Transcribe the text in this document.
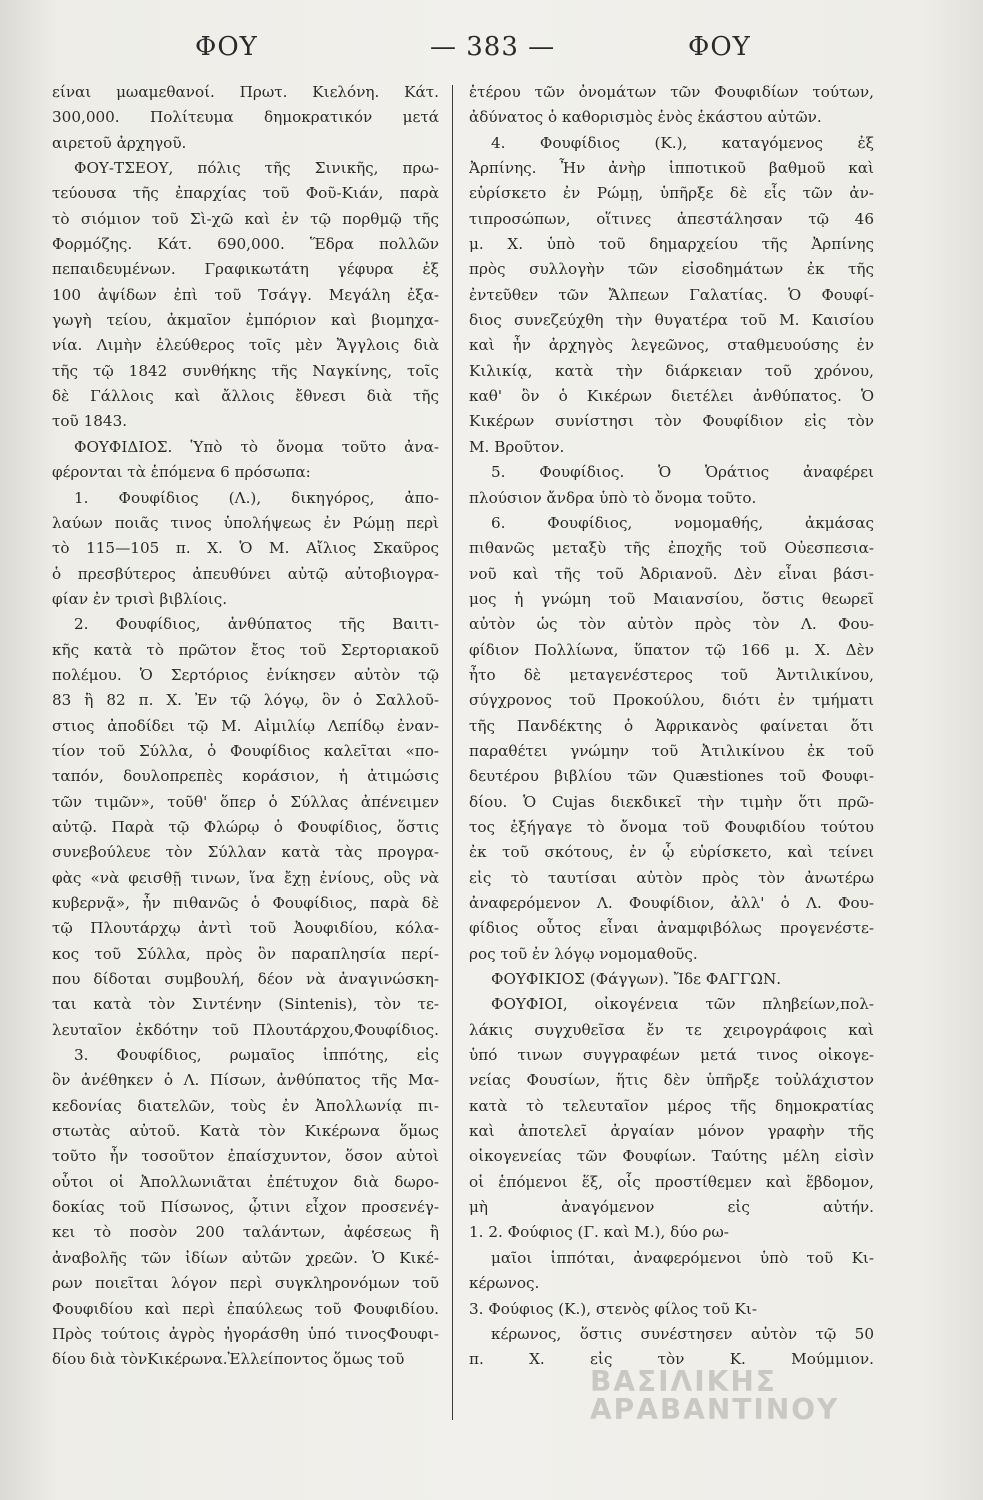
ΦΟΥ	— 383 —	ΦΟΥ
είναι μωαμεθανοί. Πρωτ. Κιελόνη. Κάτ.
300,000. Πολίτευμα δημοκρατικόν μετά
αιρετοῦ ἀρχηγοῦ.
ΦΟΥ-ΤΣΕΟΥ, πόλις τῆς Σινικῆς, πρω-
τεύουσα τῆς ἐπαρχίας τοῦ Φοῦ-Κιάν, παρὰ
τὸ σιόμιον τοῦ Σὶ-χῶ καὶ ἐν τῷ πορθμῷ τῆς
Φορμόζης. Κάτ. 690,000. Ἕδρα πολλῶν
πεπαιδευμένων. Γραφικωτάτη γέφυρα ἐξ
100 ἀψίδων ἐπὶ τοῦ Τσάγγ. Μεγάλη ἐξα-
γωγὴ τείου, ἀκμαῖον ἐμπόριον καὶ βιομηχα-
νία. Λιμὴν ἐλεύθερος τοῖς μὲν Ἄγγλοις διὰ
τῆς τῷ 1842 συνθήκης τῆς Ναγκίνης, τοῖς
δὲ Γάλλοις καὶ ἄλλοις ἔθνεσι διὰ τῆς
τοῦ 1843.
ΦΟΥΦΙΔΙΟΣ. Ὑπὸ τὸ ὄνομα τοῦτο ἀνα-
φέρονται τὰ ἑπόμενα 6 πρόσωπα:
1. Φουφίδιος (Λ.), δικηγόρος, ἀπο-
λαύων ποιᾶς τινος ὑπολήψεως ἐν Ρώμῃ περὶ
τὸ 115—105 π. Χ. Ὁ Μ. Αἴλιος Σκαῦρος
ὁ πρεσβύτερος ἀπευθύνει αὐτῷ αὐτοβιογρα-
φίαν ἐν τρισὶ βιβλίοις.
2. Φουφίδιος, ἀνθύπατος τῆς Βαιτι-
κῆς κατὰ τὸ πρῶτον ἔτος τοῦ Σερτοριακοῦ
πολέμου. Ὁ Σερτόριος ἐνίκησεν αὐτὸν τῷ
83 ἢ 82 π. Χ. Ἐν τῷ λόγῳ, ὃν ὁ Σαλλοῦ-
στιος ἀποδίδει τῷ Μ. Αἰμιλίῳ Λεπίδῳ ἐναν-
τίον τοῦ Σύλλα, ὁ Φουφίδιος καλεῖται «πο-
ταπόν, δουλοπρεπὲς κοράσιον, ἡ ἀτιμώσις
τῶν τιμῶν», τοῦθ' ὅπερ ὁ Σύλλας ἀπένειμεν
αὐτῷ. Παρὰ τῷ Φλώρῳ ὁ Φουφίδιος, ὅστις
συνεβούλευε τὸν Σύλλαν κατὰ τὰς προγρα-
φὰς «νὰ φεισθῇ τινων, ἵνα ἔχῃ ἐνίους, οὓς νὰ
κυβερνᾷ», ἦν πιθανῶς ὁ Φουφίδιος, παρὰ δὲ
τῷ Πλουτάρχῳ ἀντὶ τοῦ Ἀουφιδίου, κόλα-
κος τοῦ Σύλλα, πρὸς ὃν παραπλησία περί-
που δίδοται συμβουλή, δέον νὰ ἀναγινώσκη-
ται κατὰ τὸν Σιντένην (Sintenis), τὸν τε-
λευταῖον ἐκδότην τοῦ Πλουτάρχου,Φουφίδιος.
3. Φουφίδιος, ρωμαῖος ἱππότης, εἰς
ὃν ἀνέθηκεν ὁ Λ. Πίσων, ἀνθύπατος τῆς Μα-
κεδονίας διατελῶν, τοὺς ἐν Ἀπολλωνίᾳ πι-
στωτὰς αὐτοῦ. Κατὰ τὸν Κικέρωνα ὅμως
τοῦτο ἦν τοσοῦτον ἐπαίσχυντον, ὅσον αὐτοὶ
οὗτοι οἱ Ἀπολλωνιᾶται ἐπέτυχον διὰ δωρο-
δοκίας τοῦ Πίσωνος, ᾧτινι εἶχον προσενέγ-
κει τὸ ποσὸν 200 ταλάντων, ἀφέσεως ἢ
ἀναβολῆς τῶν ἰδίων αὐτῶν χρεῶν. Ὁ Κικέ-
ρων ποιεῖται λόγον περὶ συγκληρονόμων τοῦ
Φουφιδίου καὶ περὶ ἐπαύλεως τοῦ Φουφιδίου.
Πρὸς τούτοις ἀγρὸς ἠγοράσθη ὑπό τινοςΦουφι-
δίου διὰ τὸνΚικέρωνα.Ἐλλείποντος ὅμως τοῦ
ἑτέρου τῶν ὀνομάτων τῶν Φουφιδίων τούτων,
ἀδύνατος ὁ καθορισμὸς ἑνὸς ἑκάστου αὐτῶν.
4. Φουφίδιος (Κ.), καταγόμενος ἐξ
Ἀρπίνης. Ἦν ἀνὴρ ἱπποτικοῦ βαθμοῦ καὶ
εὑρίσκετο ἐν Ρώμῃ, ὑπῆρξε δὲ εἷς τῶν ἀν-
τιπροσώπων, οἵτινες ἀπεστάλησαν τῷ 46
μ. Χ. ὑπὸ τοῦ δημαρχείου τῆς Ἀρπίνης
πρὸς συλλογὴν τῶν εἰσοδημάτων ἐκ τῆς
ἐντεῦθεν τῶν Ἄλπεων Γαλατίας. Ὁ Φουφί-
διος συνεζεύχθη τὴν θυγατέρα τοῦ Μ. Καισίου
καὶ ἦν ἀρχηγὸς λεγεῶνος, σταθμευούσης ἐν
Κιλικίᾳ, κατὰ τὴν διάρκειαν τοῦ χρόνου,
καθ' ὃν ὁ Κικέρων διετέλει ἀνθύπατος. Ὁ
Κικέρων συνίστησι τὸν Φουφίδιον εἰς τὸν
Μ. Βροῦτον.
5. Φουφίδιος. Ὁ Ὁράτιος ἀναφέρει
πλούσιον ἄνδρα ὑπὸ τὸ ὄνομα τοῦτο.
6. Φουφίδιος, νομομαθής, ἀκμάσας
πιθανῶς μεταξὺ τῆς ἐποχῆς τοῦ Οὐεσπεσια-
νοῦ καὶ τῆς τοῦ Ἀδριανοῦ. Δὲν εἶναι βάσι-
μος ἡ γνώμη τοῦ Μαιανσίου, ὅστις θεωρεῖ
αὐτὸν ὡς τὸν αὐτὸν πρὸς τὸν Λ. Φου-
φίδιον Πολλίωνα, ὕπατον τῷ 166 μ. Χ. Δὲν
ἦτο δὲ μεταγενέστερος τοῦ Ἀντιλικίνου,
σύγχρονος τοῦ Προκούλου, διότι ἐν τμήματι
τῆς Πανδέκτης ὁ Ἀφρικανὸς φαίνεται ὅτι
παραθέτει γνώμην τοῦ Ἀτιλικίνου ἐκ τοῦ
δευτέρου βιβλίου τῶν Quæstiones τοῦ Φουφι-
δίου. Ὁ Cujas διεκδικεῖ τὴν τιμὴν ὅτι πρῶ-
τος ἐξήγαγε τὸ ὄνομα τοῦ Φουφιδίου τούτου
ἐκ τοῦ σκότους, ἐν ᾧ εὑρίσκετο, καὶ τείνει
εἰς τὸ ταυτίσαι αὐτὸν πρὸς τὸν ἀνωτέρω
ἀναφερόμενον Λ. Φουφίδιον, ἀλλ' ὁ Λ. Φου-
φίδιος οὗτος εἶναι ἀναμφιβόλως προγενέστε-
ρος τοῦ ἐν λόγῳ νομομαθοῦς.
ΦΟΥΦΙΚΙΟΣ (Φάγγων). Ἴδε ΦΑΓΓΩΝ.
ΦΟΥΦΙΟΙ, οἰκογένεια τῶν πληβείων,πολ-
λάκις συγχυθεῖσα ἔν τε χειρογράφοις καὶ
ὑπό τινων συγγραφέων μετά τινος οἰκογε-
νείας Φουσίων, ἥτις δὲν ὑπῆρξε τοὐλάχιστον
κατὰ τὸ τελευταῖον μέρος τῆς δημοκρατίας
καὶ ἀποτελεῖ ἀργαίαν μόνον γραφὴν τῆς
οἰκογενείας τῶν Φουφίων. Ταύτης μέλη εἰσὶν
οἱ ἑπόμενοι ἕξ, οἷς προστίθεμεν καὶ ἕβδομον,
μὴ ἀναγόμενον εἰς αὐτήν.
1. 2. Φούφιος (Γ. καὶ Μ.), δύο ρω-
μαῖοι ἱππόται, ἀναφερόμενοι ὑπὸ τοῦ Κι-
κέρωνος.
3. Φούφιος (Κ.), στενὸς φίλος τοῦ Κι-
κέρωνος, ὅστις συνέστησεν αὐτὸν τῷ 50
π. Χ. εἰς τὸν Κ. Μούμμιον.
ΒΑΣΙΛΙΚΗΣ ΑΡΑΒΑΝΤΙΝΟΥ
